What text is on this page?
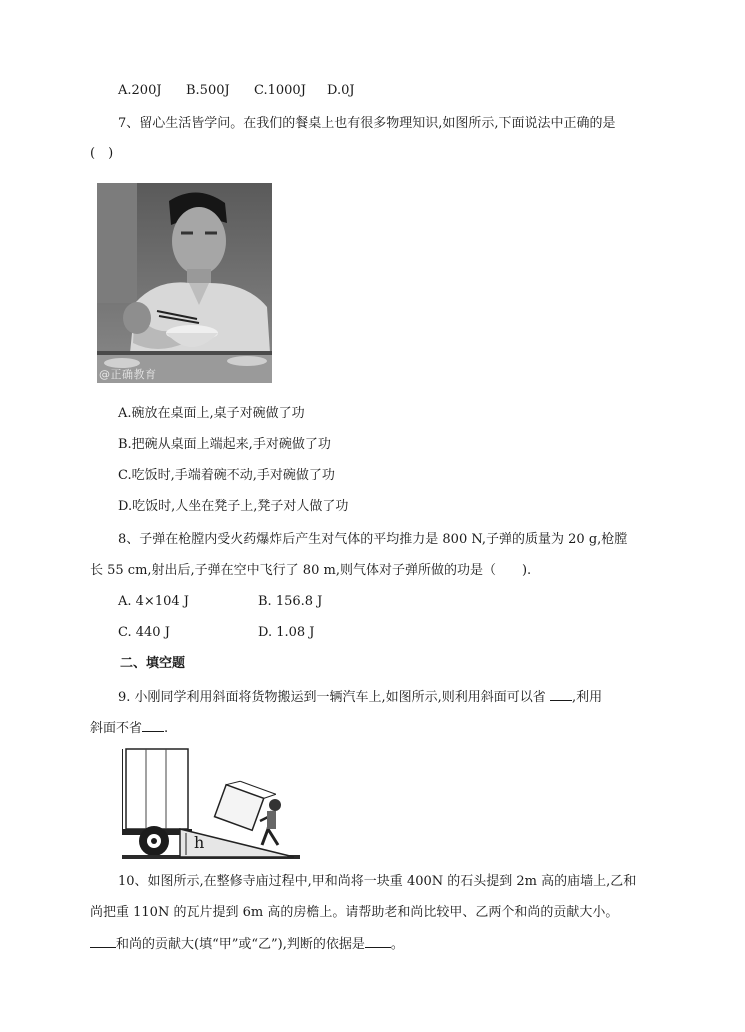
A.200J B.500J C.1000J D.0J
7、留心生活皆学问。在我们的餐桌上也有很多物理知识,如图所示,下面说法中正确的是
(　)
@正确教育
A.碗放在桌面上,桌子对碗做了功
B.把碗从桌面上端起来,手对碗做了功
C.吃饭时,手端着碗不动,手对碗做了功
D.吃饭时,人坐在凳子上,凳子对人做了功
8、子弹在枪膛内受火药爆炸后产生对气体的平均推力是 800 N,子弹的质量为 20 g,枪膛
长 55 cm,射出后,子弹在空中飞行了 80 m,则气体对子弹所做的功是（　　).
A. 4×104 J	B. 156.8 J
C. 440 J	D. 1.08 J
二、填空题
9. 小刚同学利用斜面将货物搬运到一辆汽车上,如图所示,则利用斜面可以省 ,利用
斜面不省 .
h
10、如图所示,在整修寺庙过程中,甲和尚将一块重 400N 的石头提到 2m 高的庙墙上,乙和
尚把重 110N 的瓦片提到 6m 高的房檐上。请帮助老和尚比较甲、乙两个和尚的贡献大小。
和尚的贡献大(填“甲”或“乙”),判断的依据是 。
